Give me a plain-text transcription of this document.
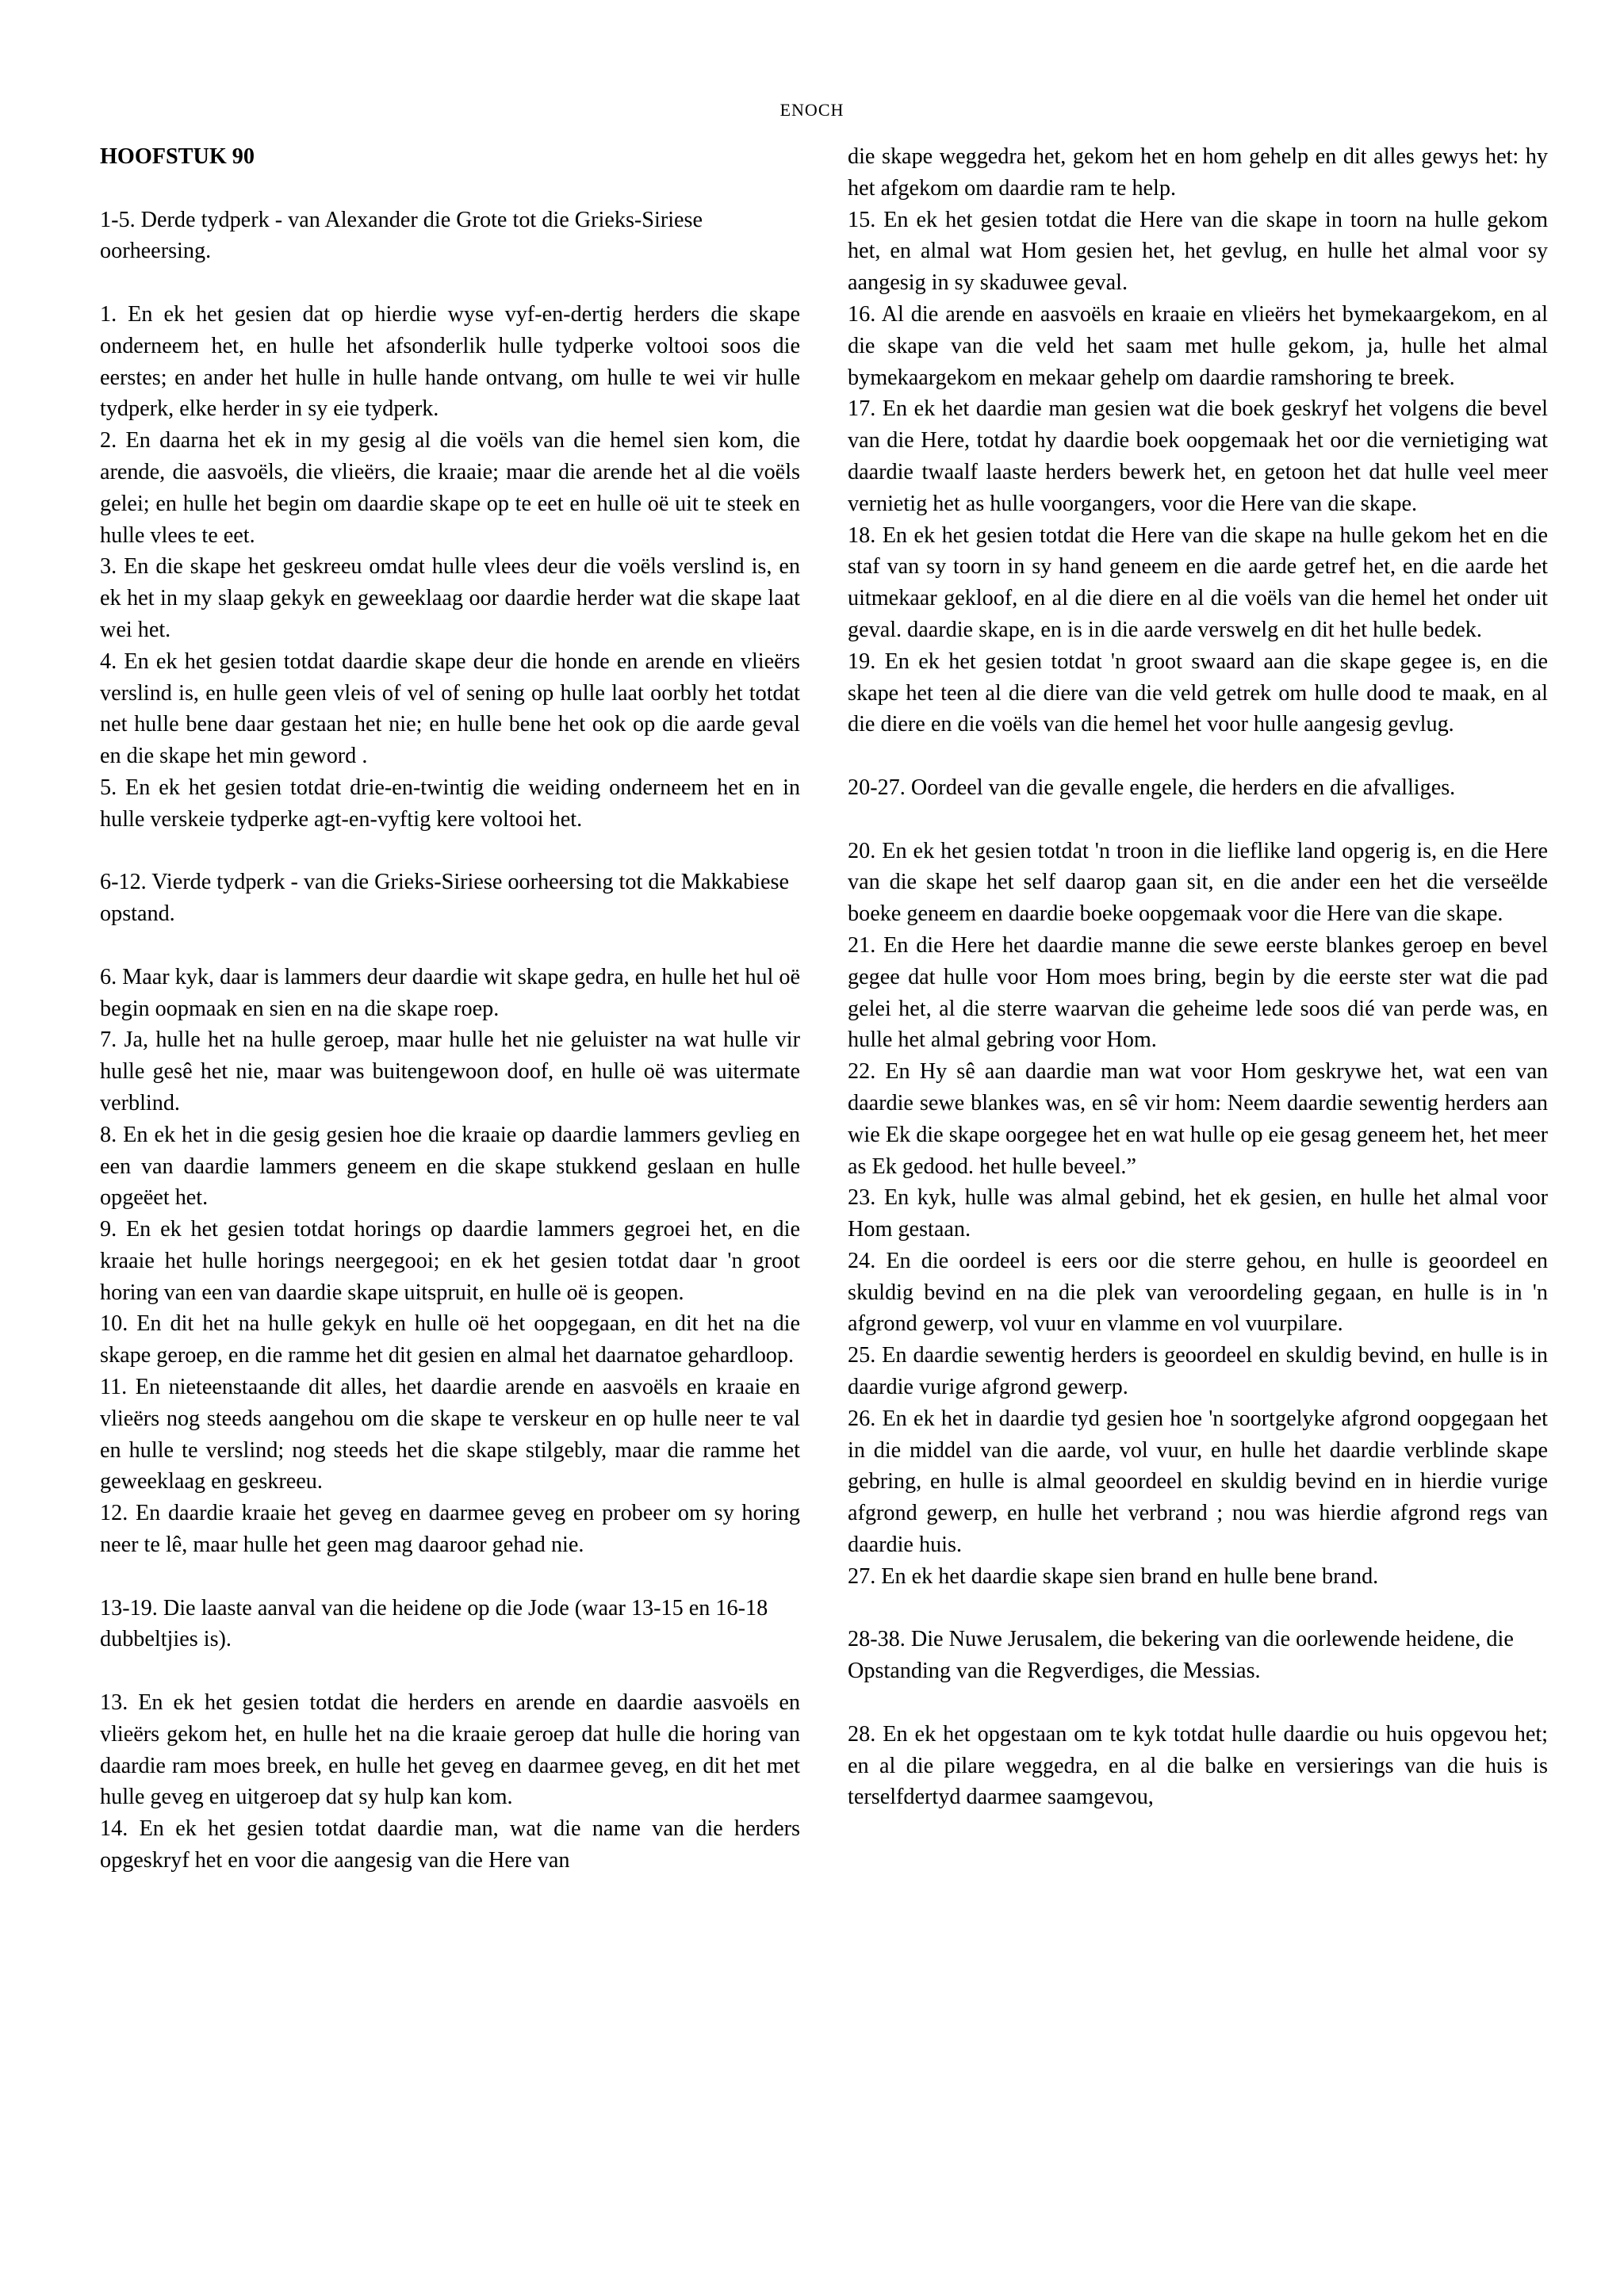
ENOCH

HOOFSTUK 90

1-5. Derde tydperk - van Alexander die Grote tot die Grieks-Siriese oorheersing.

1. En ek het gesien dat op hierdie wyse vyf-en-dertig herders die skape onderneem het, en hulle het afsonderlik hulle tydperke voltooi soos die eerstes; en ander het hulle in hulle hande ontvang, om hulle te wei vir hulle tydperk, elke herder in sy eie tydperk.

2. En daarna het ek in my gesig al die voëls van die hemel sien kom, die arende, die aasvoëls, die vlieërs, die kraaie; maar die arende het al die voëls gelei; en hulle het begin om daardie skape op te eet en hulle oë uit te steek en hulle vlees te eet.

3. En die skape het geskreeu omdat hulle vlees deur die voëls verslind is, en ek het in my slaap gekyk en geweeklaag oor daardie herder wat die skape laat wei het.

4. En ek het gesien totdat daardie skape deur die honde en arende en vlieërs verslind is, en hulle geen vleis of vel of sening op hulle laat oorbly het totdat net hulle bene daar gestaan het nie; en hulle bene het ook op die aarde geval en die skape het min geword .

5. En ek het gesien totdat drie-en-twintig die weiding onderneem het en in hulle verskeie tydperke agt-en-vyftig kere voltooi het.

6-12. Vierde tydperk - van die Grieks-Siriese oorheersing tot die Makkabiese opstand.

6. Maar kyk, daar is lammers deur daardie wit skape gedra, en hulle het hul oë begin oopmaak en sien en na die skape roep.

7. Ja, hulle het na hulle geroep, maar hulle het nie geluister na wat hulle vir hulle gesê het nie, maar was buitengewoon doof, en hulle oë was uitermate verblind.

8. En ek het in die gesig gesien hoe die kraaie op daardie lammers gevlieg en een van daardie lammers geneem en die skape stukkend geslaan en hulle opgeëet het.

9. En ek het gesien totdat horings op daardie lammers gegroei het, en die kraaie het hulle horings neergegooi; en ek het gesien totdat daar 'n groot horing van een van daardie skape uitspruit, en hulle oë is geopen.

10. En dit het na hulle gekyk en hulle oë het oopgegaan, en dit het na die skape geroep, en die ramme het dit gesien en almal het daarnatoe gehardloop.

11. En nieteenstaande dit alles, het daardie arende en aasvoëls en kraaie en vlieërs nog steeds aangehou om die skape te verskeur en op hulle neer te val en hulle te verslind; nog steeds het die skape stilgebly, maar die ramme het geweeklaag en geskreeu.

12. En daardie kraaie het geveg en daarmee geveg en probeer om sy horing neer te lê, maar hulle het geen mag daaroor gehad nie.

13-19. Die laaste aanval van die heidene op die Jode (waar 13-15 en 16-18 dubbeltjies is).

13. En ek het gesien totdat die herders en arende en daardie aasvoëls en vlieërs gekom het, en hulle het na die kraaie geroep dat hulle die horing van daardie ram moes breek, en hulle het geveg en daarmee geveg, en dit het met hulle geveg en uitgeroep dat sy hulp kan kom.

14. En ek het gesien totdat daardie man, wat die name van die herders opgeskryf het en voor die aangesig van die Here van

die skape weggedra het, gekom het en hom gehelp en dit alles gewys het: hy het afgekom om daardie ram te help.

15. En ek het gesien totdat die Here van die skape in toorn na hulle gekom het, en almal wat Hom gesien het, het gevlug, en hulle het almal voor sy aangesig in sy skaduwee geval.

16. Al die arende en aasvoëls en kraaie en vlieërs het bymekaargekom, en al die skape van die veld het saam met hulle gekom, ja, hulle het almal bymekaargekom en mekaar gehelp om daardie ramshoring te breek.

17. En ek het daardie man gesien wat die boek geskryf het volgens die bevel van die Here, totdat hy daardie boek oopgemaak het oor die vernietiging wat daardie twaalf laaste herders bewerk het, en getoon het dat hulle veel meer vernietig het as hulle voorgangers, voor die Here van die skape.

18. En ek het gesien totdat die Here van die skape na hulle gekom het en die staf van sy toorn in sy hand geneem en die aarde getref het, en die aarde het uitmekaar gekloof, en al die diere en al die voëls van die hemel het onder uit geval. daardie skape, en is in die aarde verswelg en dit het hulle bedek.

19. En ek het gesien totdat 'n groot swaard aan die skape gegee is, en die skape het teen al die diere van die veld getrek om hulle dood te maak, en al die diere en die voëls van die hemel het voor hulle aangesig gevlug.

20-27. Oordeel van die gevalle engele, die herders en die afvalliges.

20. En ek het gesien totdat 'n troon in die lieflike land opgerig is, en die Here van die skape het self daarop gaan sit, en die ander een het die verseëlde boeke geneem en daardie boeke oopgemaak voor die Here van die skape.

21. En die Here het daardie manne die sewe eerste blankes geroep en bevel gegee dat hulle voor Hom moes bring, begin by die eerste ster wat die pad gelei het, al die sterre waarvan die geheime lede soos dié van perde was, en hulle het almal gebring voor Hom.

22. En Hy sê aan daardie man wat voor Hom geskrywe het, wat een van daardie sewe blankes was, en sê vir hom: Neem daardie sewentig herders aan wie Ek die skape oorgegee het en wat hulle op eie gesag geneem het, het meer as Ek gedood. het hulle beveel.”

23. En kyk, hulle was almal gebind, het ek gesien, en hulle het almal voor Hom gestaan.

24. En die oordeel is eers oor die sterre gehou, en hulle is geoordeel en skuldig bevind en na die plek van veroordeling gegaan, en hulle is in 'n afgrond gewerp, vol vuur en vlamme en vol vuurpilare.

25. En daardie sewentig herders is geoordeel en skuldig bevind, en hulle is in daardie vurige afgrond gewerp.

26. En ek het in daardie tyd gesien hoe 'n soortgelyke afgrond oopgegaan het in die middel van die aarde, vol vuur, en hulle het daardie verblinde skape gebring, en hulle is almal geoordeel en skuldig bevind en in hierdie vurige afgrond gewerp, en hulle het verbrand ; nou was hierdie afgrond regs van daardie huis.

27. En ek het daardie skape sien brand en hulle bene brand.

28-38. Die Nuwe Jerusalem, die bekering van die oorlewende heidene, die Opstanding van die Regverdiges, die Messias.

28. En ek het opgestaan om te kyk totdat hulle daardie ou huis opgevou het; en al die pilare weggedra, en al die balke en versierings van die huis is terselfdertyd daarmee saamgevou,
